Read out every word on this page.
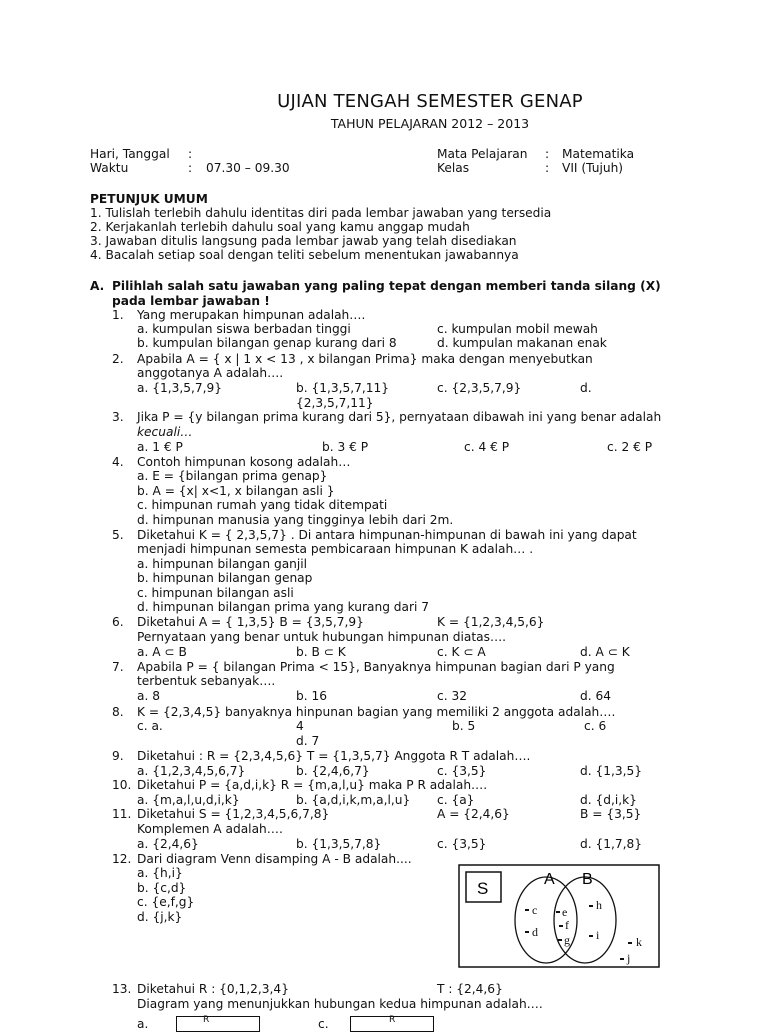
UJIAN TENGAH SEMESTER GENAP
TAHUN PELAJARAN 2012 – 2013
Hari, Tanggal :
Waktu	: 07.30 – 09.30
Mata Pelajaran : Matematika
Kelas	: VII (Tujuh)
PETUNJUK UMUM
1. Tulislah terlebih dahulu identitas diri pada lembar jawaban yang tersedia
2. Kerjakanlah terlebih dahulu soal yang kamu anggap mudah
3. Jawaban ditulis langsung pada lembar jawab yang telah disediakan
4. Bacalah setiap soal dengan teliti sebelum menentukan jawabannya
A. Pilihlah salah satu jawaban yang paling tepat dengan memberi tanda silang (X)
pada lembar jawaban !
1. Yang merupakan himpunan adalah….
a. kumpulan siswa berbadan tinggi
b. kumpulan bilangan genap kurang dari 8
c. kumpulan mobil mewah
d. kumpulan makanan enak
2. Apabila A = { x | 1 x < 13 , x bilangan Prima} maka dengan menyebutkan
anggotanya A adalah….
a. {1,3,5,7,9}	b. {1,3,5,7,11}	c. {2,3,5,7,9}	d.
{2,3,5,7,11}
3. Jika P = {y bilangan prima kurang dari 5}, pernyataan dibawah ini yang benar adalah
kecuali…
a. 1 € P	b. 3 € P	c. 4 € P	c. 2 € P
4. Contoh himpunan kosong adalah…
a. E = {bilangan prima genap}
b. A = {x| x<1, x bilangan asli }
c. himpunan rumah yang tidak ditempati
d. himpunan manusia yang tingginya lebih dari 2m.
5. Diketahui K = { 2,3,5,7} . Di antara himpunan-himpunan di bawah ini yang dapat
menjadi himpunan semesta pembicaraan himpunan K adalah… .
a. himpunan bilangan ganjil
b. himpunan bilangan genap
c. himpunan bilangan asli
d. himpunan bilangan prima yang kurang dari 7
6. Diketahui A = { 1,3,5} B = {3,5,7,9}	K = {1,2,3,4,5,6}
Pernyataan yang benar untuk hubungan himpunan diatas….
a. A ⊂ B	b. B ⊂ K	c. K ⊂ A	d. A ⊂ K
7. Apabila P = { bilangan Prima < 15}, Banyaknya himpunan bagian dari P yang
terbentuk sebanyak….
a. 8	b. 16	c. 32	d. 64
8. K = {2,3,4,5} banyaknya hinpunan bagian yang memiliki 2 anggota adalah….
c. a.	4	b. 5	c. 6
d. 7
9. Diketahui : R = {2,3,4,5,6} T = {1,3,5,7} Anggota R T adalah….
a. {1,2,3,4,5,6,7}	b. {2,4,6,7}	c. {3,5}	d. {1,3,5}
10. Diketahui P = {a,d,i,k} R = {m,a,l,u} maka P R adalah….
a. {m,a,l,u,d,i,k}	b. {a,d,i,k,m,a,l,u} c. {a}	d. {d,i,k}
11. Diketahui S = {1,2,3,4,5,6,7,8}	A = {2,4,6}	B = {3,5}
Komplemen A adalah….
a. {2,4,6}	b. {1,3,5,7,8}	c. {3,5}	d. {1,7,8}
12. Dari diagram Venn disamping A - B adalah....
a. {h,i}
b. {c,d}
c. {e,f,g}
d. {j,k}
S	A B
c
d
e
f
g
h
i	k
j
13. Diketahui R : {0,1,2,3,4}	T : {2,4,6}
Diagram yang menunjukkan hubungan kedua himpunan adalah….
a.	R	c.	R
